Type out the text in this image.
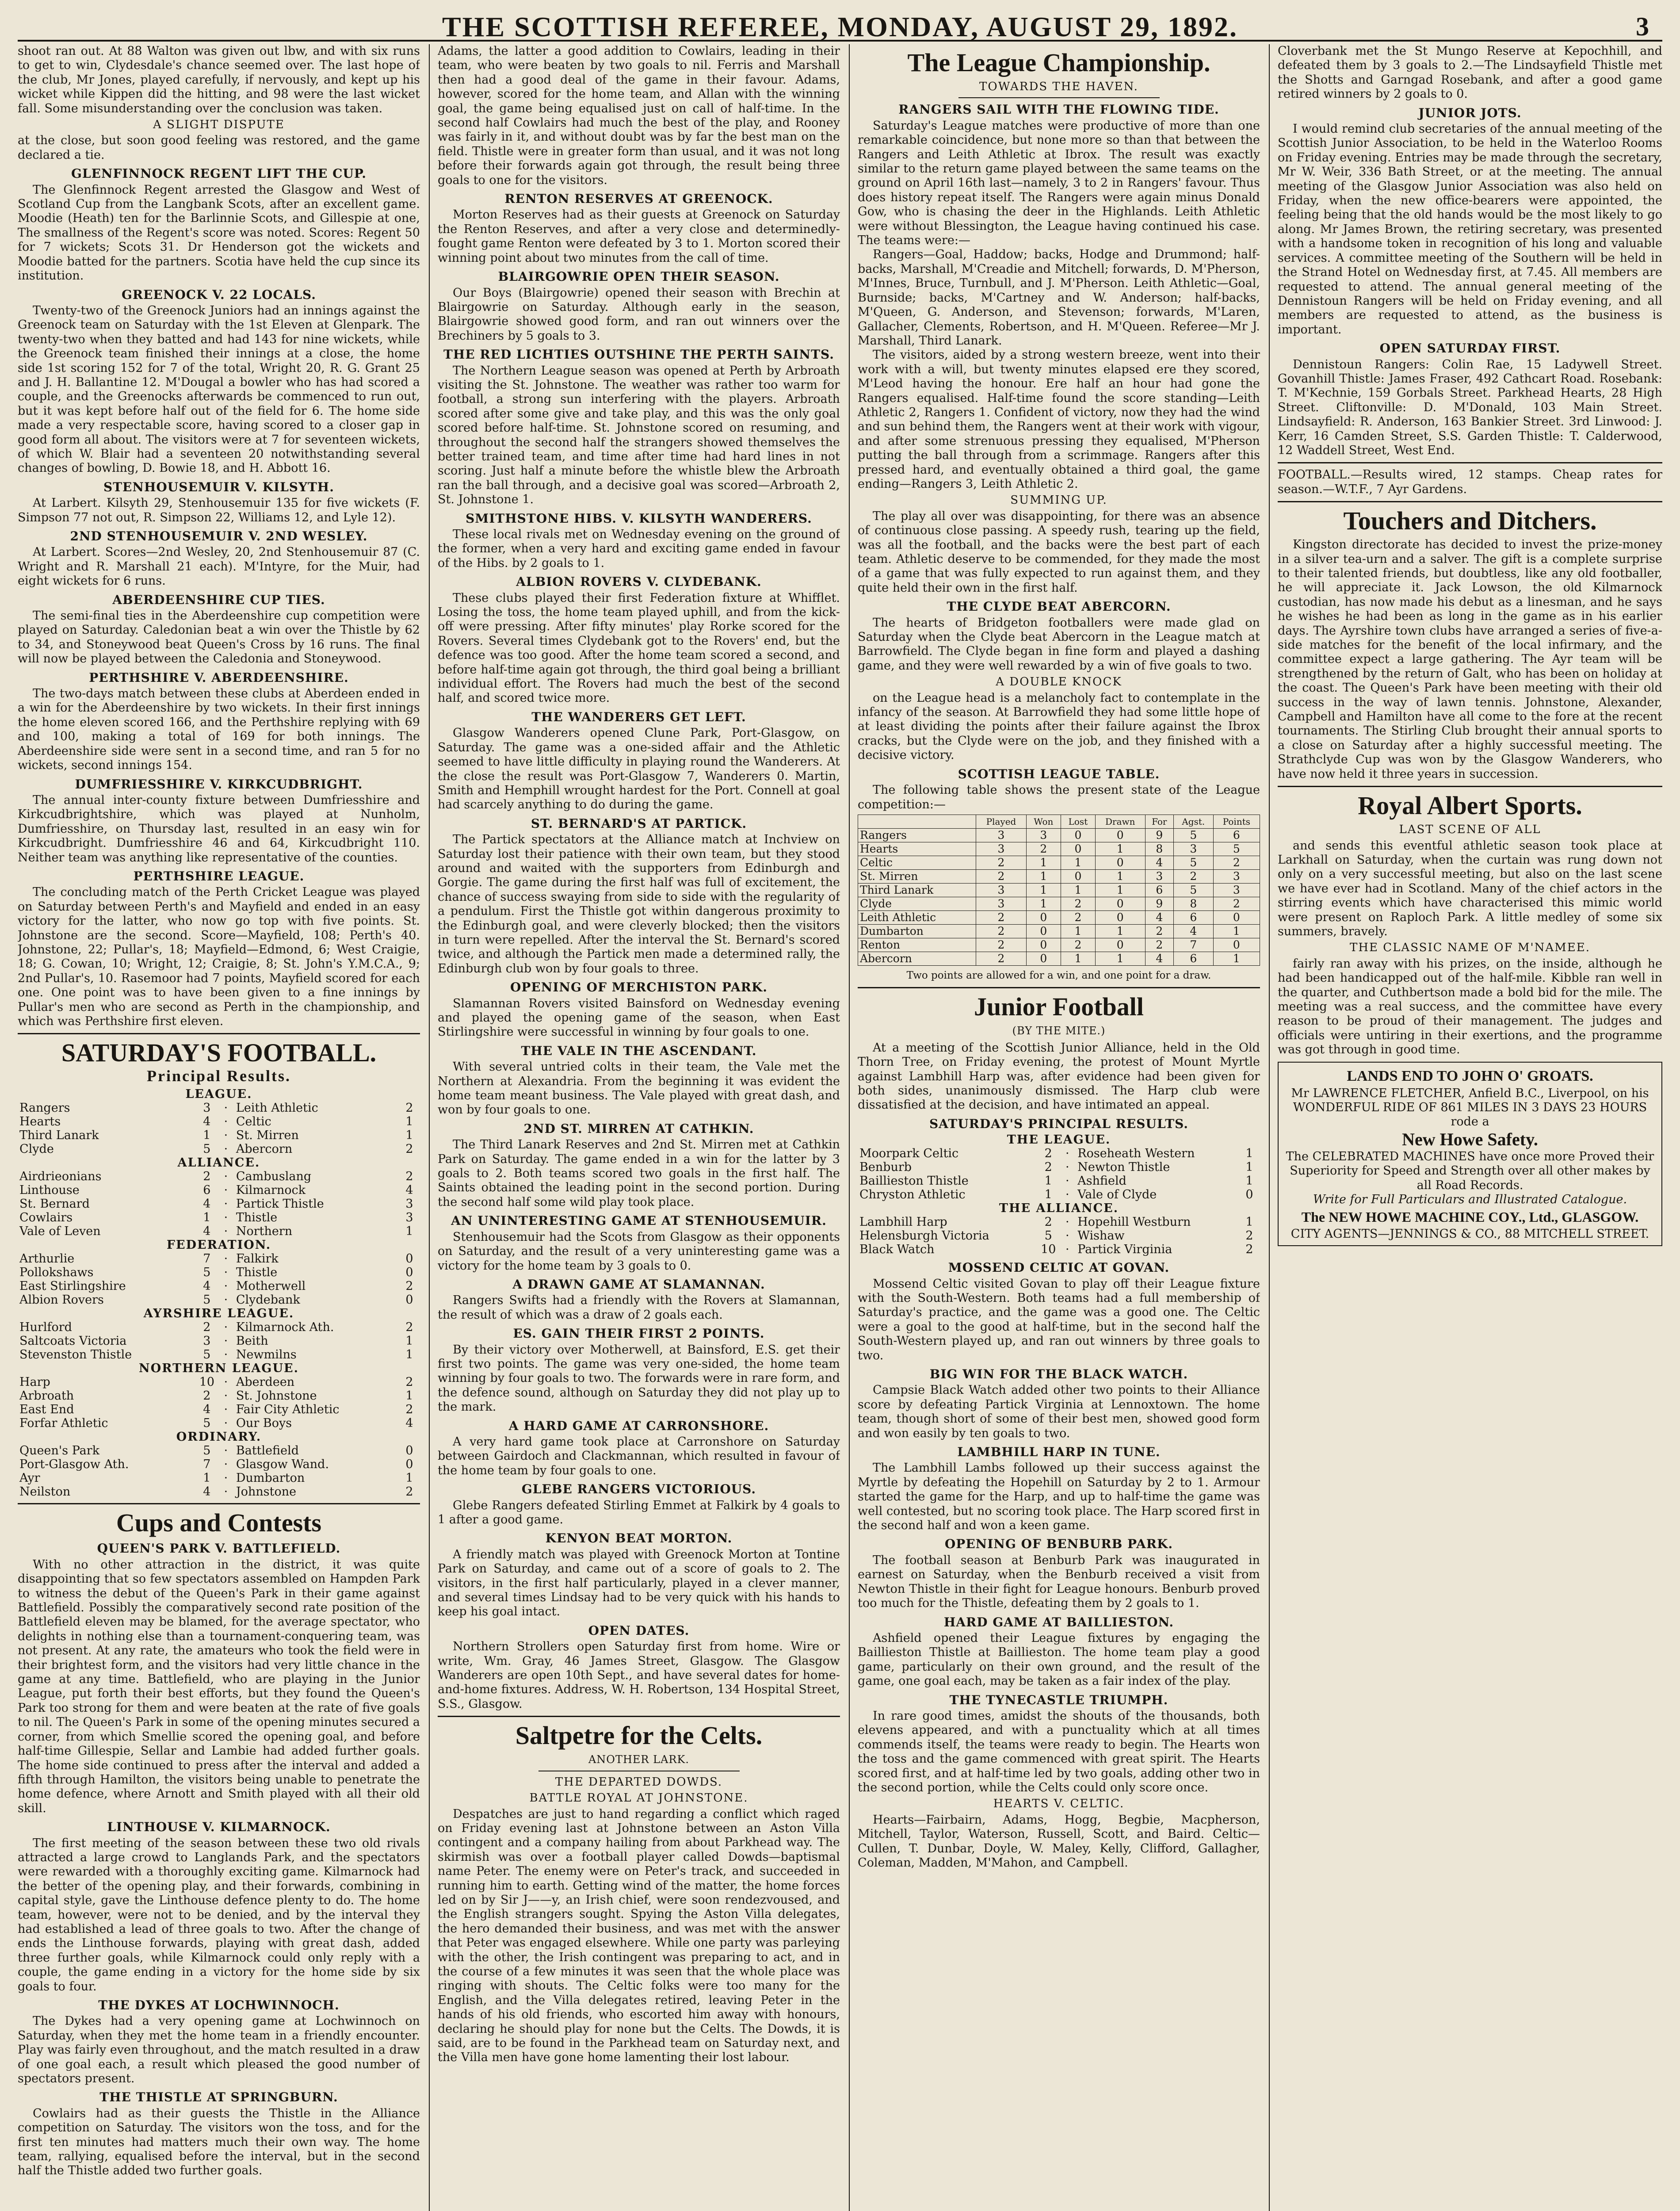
THE SCOTTISH REFEREE, MONDAY, AUGUST 29, 1892.	3

shoot ran out. At 88 Walton was given out lbw, and with six runs to get to win, Clydesdale's chance seemed over. The last hope of the club, Mr Jones, played carefully, if nervously, and kept up his wicket while Kippen did the hitting, and 98 were the last wicket fall. Some misunderstanding over the conclusion was taken.

A SLIGHT DISPUTE

at the close, but soon good feeling was restored, and the game declared a tie.

GLENFINNOCK REGENT LIFT THE CUP.

The Glenfinnock Regent arrested the Glasgow and West of Scotland Cup from the Langbank Scots, after an excellent game. Moodie (Heath) ten for the Barlinnie Scots, and Gillespie at one, The smallness of the Regent's score was noted. Scores: Regent 50 for 7 wickets; Scots 31. Dr Henderson got the wickets and Moodie batted for the partners. Scotia have held the cup since its institution.

GREENOCK V. 22 LOCALS.

Twenty-two of the Greenock Juniors had an innings against the Greenock team on Saturday with the 1st Eleven at Glenpark. The twenty-two when they batted and had 143 for nine wickets, while the Greenock team finished their innings at a close, the home side 1st scoring 152 for 7 of the total, Wright 20, R. G. Grant 25 and J. H. Ballantine 12. M'Dougal a bowler who has had scored a couple, and the Greenocks afterwards be commenced to run out, but it was kept before half out of the field for 6. The home side made a very respectable score, having scored to a closer gap in good form all about. The visitors were at 7 for seventeen wickets, of which W. Blair had a seventeen 20 notwithstanding several changes of bowling, D. Bowie 18, and H. Abbott 16.

STENHOUSEMUIR V. KILSYTH.

At Larbert. Kilsyth 29, Stenhousemuir 135 for five wickets (F. Simpson 77 not out, R. Simpson 22, Williams 12, and Lyle 12).

2ND STENHOUSEMUIR V. 2ND WESLEY.

At Larbert. Scores—2nd Wesley, 20, 2nd Stenhousemuir 87 (C. Wright and R. Marshall 21 each). M'Intyre, for the Muir, had eight wickets for 6 runs.

ABERDEENSHIRE CUP TIES.

The semi-final ties in the Aberdeenshire cup competition were played on Saturday. Caledonian beat a win over the Thistle by 62 to 34, and Stoneywood beat Queen's Cross by 16 runs. The final will now be played between the Caledonia and Stoneywood.

PERTHSHIRE V. ABERDEENSHIRE.

The two-days match between these clubs at Aberdeen ended in a win for the Aberdeenshire by two wickets. In their first innings the home eleven scored 166, and the Perthshire replying with 69 and 100, making a total of 169 for both innings. The Aberdeenshire side were sent in a second time, and ran 5 for no wickets, second innings 154.

DUMFRIESSHIRE V. KIRKCUDBRIGHT.

The annual inter-county fixture between Dumfriesshire and Kirkcudbrightshire, which was played at Nunholm, Dumfriesshire, on Thursday last, resulted in an easy win for Kirkcudbright. Dumfriesshire 46 and 64, Kirkcudbright 110. Neither team was anything like representative of the counties.

PERTHSHIRE LEAGUE.

The concluding match of the Perth Cricket League was played on Saturday between Perth's and Mayfield and ended in an easy victory for the latter, who now go top with five points. St. Johnstone are the second. Score—Mayfield, 108; Perth's 40. Johnstone, 22; Pullar's, 18; Mayfield—Edmond, 6; West Craigie, 18; G. Cowan, 10; Wright, 12; Craigie, 8; St. John's Y.M.C.A., 9; 2nd Pullar's, 10. Rasemoor had 7 points, Mayfield scored for each one. One point was to have been given to a fine innings by Pullar's men who are second as Perth in the championship, and which was Perthshire first eleven.

SATURDAY'S FOOTBALL.
Principal Results.
LEAGUE.				
Rangers	3	·	Leith Athletic	2
Hearts	4	·	Celtic	1
Third Lanark	1	·	St. Mirren	1
Clyde	5	·	Abercorn	2
ALLIANCE.				
Airdrieonians	2	·	Cambuslang	2
Linthouse	6	·	Kilmarnock	4
St. Bernard	4	·	Partick Thistle	3
Cowlairs	1	·	Thistle	3
Vale of Leven	4	·	Northern	1
FEDERATION.				
Arthurlie	7	·	Falkirk	0
Pollokshaws	5	·	Thistle	0
East Stirlingshire	4	·	Motherwell	2
Albion Rovers	5	·	Clydebank	0
AYRSHIRE LEAGUE.				
Hurlford	2	·	Kilmarnock Ath.	2
Saltcoats Victoria	3	·	Beith	1
Stevenston Thistle	5	·	Newmilns	1
NORTHERN LEAGUE.				
Harp	10	·	Aberdeen	2
Arbroath	2	·	St. Johnstone	1
East End	4	·	Fair City Athletic	2
Forfar Athletic	5	·	Our Boys	4
ORDINARY.				
Queen's Park	5	·	Battlefield	0
Port-Glasgow Ath.	7	·	Glasgow Wand.	0
Ayr	1	·	Dumbarton	1
Neilston	4	·	Johnstone	2
Cups and Contests
QUEEN'S PARK V. BATTLEFIELD.

With no other attraction in the district, it was quite disappointing that so few spectators assembled on Hampden Park to witness the debut of the Queen's Park in their game against Battlefield. Possibly the comparatively second rate position of the Battlefield eleven may be blamed, for the average spectator, who delights in nothing else than a tournament-conquering team, was not present. At any rate, the amateurs who took the field were in their brightest form, and the visitors had very little chance in the game at any time. Battlefield, who are playing in the Junior League, put forth their best efforts, but they found the Queen's Park too strong for them and were beaten at the rate of five goals to nil. The Queen's Park in some of the opening minutes secured a corner, from which Smellie scored the opening goal, and before half-time Gillespie, Sellar and Lambie had added further goals. The home side continued to press after the interval and added a fifth through Hamilton, the visitors being unable to penetrate the home defence, where Arnott and Smith played with all their old skill.

LINTHOUSE V. KILMARNOCK.

The first meeting of the season between these two old rivals attracted a large crowd to Langlands Park, and the spectators were rewarded with a thoroughly exciting game. Kilmarnock had the better of the opening play, and their forwards, combining in capital style, gave the Linthouse defence plenty to do. The home team, however, were not to be denied, and by the interval they had established a lead of three goals to two. After the change of ends the Linthouse forwards, playing with great dash, added three further goals, while Kilmarnock could only reply with a couple, the game ending in a victory for the home side by six goals to four.

THE DYKES AT LOCHWINNOCH.

The Dykes had a very opening game at Lochwinnoch on Saturday, when they met the home team in a friendly encounter. Play was fairly even throughout, and the match resulted in a draw of one goal each, a result which pleased the good number of spectators present.

THE THISTLE AT SPRINGBURN.

Cowlairs had as their guests the Thistle in the Alliance competition on Saturday. The visitors won the toss, and for the first ten minutes had matters much their own way. The home team, rallying, equalised before the interval, but in the second half the Thistle added two further goals.

Adams, the latter a good addition to Cowlairs, leading in their team, who were beaten by two goals to nil. Ferris and Marshall then had a good deal of the game in their favour. Adams, however, scored for the home team, and Allan with the winning goal, the game being equalised just on call of half-time. In the second half Cowlairs had much the best of the play, and Rooney was fairly in it, and without doubt was by far the best man on the field. Thistle were in greater form than usual, and it was not long before their forwards again got through, the result being three goals to one for the visitors.

RENTON RESERVES AT GREENOCK.

Morton Reserves had as their guests at Greenock on Saturday the Renton Reserves, and after a very close and determinedly-fought game Renton were defeated by 3 to 1. Morton scored their winning point about two minutes from the call of time.

BLAIRGOWRIE OPEN THEIR SEASON.

Our Boys (Blairgowrie) opened their season with Brechin at Blairgowrie on Saturday. Although early in the season, Blairgowrie showed good form, and ran out winners over the Brechiners by 5 goals to 3.

THE RED LICHTIES OUTSHINE THE PERTH SAINTS.

The Northern League season was opened at Perth by Arbroath visiting the St. Johnstone. The weather was rather too warm for football, a strong sun interfering with the players. Arbroath scored after some give and take play, and this was the only goal scored before half-time. St. Johnstone scored on resuming, and throughout the second half the strangers showed themselves the better trained team, and time after time had hard lines in not scoring. Just half a minute before the whistle blew the Arbroath ran the ball through, and a decisive goal was scored—Arbroath 2, St. Johnstone 1.

SMITHSTONE HIBS. V. KILSYTH WANDERERS.

These local rivals met on Wednesday evening on the ground of the former, when a very hard and exciting game ended in favour of the Hibs. by 2 goals to 1.

ALBION ROVERS V. CLYDEBANK.

These clubs played their first Federation fixture at Whifflet. Losing the toss, the home team played uphill, and from the kick-off were pressing. After fifty minutes' play Rorke scored for the Rovers. Several times Clydebank got to the Rovers' end, but the defence was too good. After the home team scored a second, and before half-time again got through, the third goal being a brilliant individual effort. The Rovers had much the best of the second half, and scored twice more.

THE WANDERERS GET LEFT.

Glasgow Wanderers opened Clune Park, Port-Glasgow, on Saturday. The game was a one-sided affair and the Athletic seemed to have little difficulty in playing round the Wanderers. At the close the result was Port-Glasgow 7, Wanderers 0. Martin, Smith and Hemphill wrought hardest for the Port. Connell at goal had scarcely anything to do during the game.

ST. BERNARD'S AT PARTICK.

The Partick spectators at the Alliance match at Inchview on Saturday lost their patience with their own team, but they stood around and waited with the supporters from Edinburgh and Gorgie. The game during the first half was full of excitement, the chance of success swaying from side to side with the regularity of a pendulum. First the Thistle got within dangerous proximity to the Edinburgh goal, and were cleverly blocked; then the visitors in turn were repelled. After the interval the St. Bernard's scored twice, and although the Partick men made a determined rally, the Edinburgh club won by four goals to three.

OPENING OF MERCHISTON PARK.

Slamannan Rovers visited Bainsford on Wednesday evening and played the opening game of the season, when East Stirlingshire were successful in winning by four goals to one.

THE VALE IN THE ASCENDANT.

With several untried colts in their team, the Vale met the Northern at Alexandria. From the beginning it was evident the home team meant business. The Vale played with great dash, and won by four goals to one.

2ND ST. MIRREN AT CATHKIN.

The Third Lanark Reserves and 2nd St. Mirren met at Cathkin Park on Saturday. The game ended in a win for the latter by 3 goals to 2. Both teams scored two goals in the first half. The Saints obtained the leading point in the second portion. During the second half some wild play took place.

AN UNINTERESTING GAME AT STENHOUSEMUIR.

Stenhousemuir had the Scots from Glasgow as their opponents on Saturday, and the result of a very uninteresting game was a victory for the home team by 3 goals to 0.

A DRAWN GAME AT SLAMANNAN.

Rangers Swifts had a friendly with the Rovers at Slamannan, the result of which was a draw of 2 goals each.

ES. GAIN THEIR FIRST 2 POINTS.

By their victory over Motherwell, at Bainsford, E.S. get their first two points. The game was very one-sided, the home team winning by four goals to two. The forwards were in rare form, and the defence sound, although on Saturday they did not play up to the mark.

A HARD GAME AT CARRONSHORE.

A very hard game took place at Carronshore on Saturday between Gairdoch and Clackmannan, which resulted in favour of the home team by four goals to one.

GLEBE RANGERS VICTORIOUS.

Glebe Rangers defeated Stirling Emmet at Falkirk by 4 goals to 1 after a good game.

KENYON BEAT MORTON.

A friendly match was played with Greenock Morton at Tontine Park on Saturday, and came out of a score of goals to 2. The visitors, in the first half particularly, played in a clever manner, and several times Lindsay had to be very quick with his hands to keep his goal intact.

OPEN DATES.

Northern Strollers open Saturday first from home. Wire or write, Wm. Gray, 46 James Street, Glasgow. The Glasgow Wanderers are open 10th Sept., and have several dates for home-and-home fixtures. Address, W. H. Robertson, 134 Hospital Street, S.S., Glasgow.

Saltpetre for the Celts.
ANOTHER LARK.
THE DEPARTED DOWDS.
BATTLE ROYAL AT JOHNSTONE.

Despatches are just to hand regarding a conflict which raged on Friday evening last at Johnstone between an Aston Villa contingent and a company hailing from about Parkhead way. The skirmish was over a football player called Dowds—baptismal name Peter. The enemy were on Peter's track, and succeeded in running him to earth. Getting wind of the matter, the home forces led on by Sir J——y, an Irish chief, were soon rendezvoused, and the English strangers sought. Spying the Aston Villa delegates, the hero demanded their business, and was met with the answer that Peter was engaged elsewhere. While one party was parleying with the other, the Irish contingent was preparing to act, and in the course of a few minutes it was seen that the whole place was ringing with shouts. The Celtic folks were too many for the English, and the Villa delegates retired, leaving Peter in the hands of his old friends, who escorted him away with honours, declaring he should play for none but the Celts. The Dowds, it is said, are to be found in the Parkhead team on Saturday next, and the Villa men have gone home lamenting their lost labour.

The League Championship.
TOWARDS THE HAVEN.
RANGERS SAIL WITH THE FLOWING TIDE.

Saturday's League matches were productive of more than one remarkable coincidence, but none more so than that between the Rangers and Leith Athletic at Ibrox. The result was exactly similar to the return game played between the same teams on the ground on April 16th last—namely, 3 to 2 in Rangers' favour. Thus does history repeat itself. The Rangers were again minus Donald Gow, who is chasing the deer in the Highlands. Leith Athletic were without Blessington, the League having continued his case. The teams were:—

Rangers—Goal, Haddow; backs, Hodge and Drummond; half-backs, Marshall, M'Creadie and Mitchell; forwards, D. M'Pherson, M'Innes, Bruce, Turnbull, and J. M'Pherson. Leith Athletic—Goal, Burnside; backs, M'Cartney and W. Anderson; half-backs, M'Queen, G. Anderson, and Stevenson; forwards, M'Laren, Gallacher, Clements, Robertson, and H. M'Queen. Referee—Mr J. Marshall, Third Lanark.

The visitors, aided by a strong western breeze, went into their work with a will, but twenty minutes elapsed ere they scored, M'Leod having the honour. Ere half an hour had gone the Rangers equalised. Half-time found the score standing—Leith Athletic 2, Rangers 1. Confident of victory, now they had the wind and sun behind them, the Rangers went at their work with vigour, and after some strenuous pressing they equalised, M'Pherson putting the ball through from a scrimmage. Rangers after this pressed hard, and eventually obtained a third goal, the game ending—Rangers 3, Leith Athletic 2.

SUMMING UP.

The play all over was disappointing, for there was an absence of continuous close passing. A speedy rush, tearing up the field, was all the football, and the backs were the best part of each team. Athletic deserve to be commended, for they made the most of a game that was fully expected to run against them, and they quite held their own in the first half.

THE CLYDE BEAT ABERCORN.

The hearts of Bridgeton footballers were made glad on Saturday when the Clyde beat Abercorn in the League match at Barrowfield. The Clyde began in fine form and played a dashing game, and they were well rewarded by a win of five goals to two.

A DOUBLE KNOCK

on the League head is a melancholy fact to contemplate in the infancy of the season. At Barrowfield they had some little hope of at least dividing the points after their failure against the Ibrox cracks, but the Clyde were on the job, and they finished with a decisive victory.

SCOTTISH LEAGUE TABLE.

The following table shows the present state of the League competition:—

	Played	Won	Lost	Drawn	For	Agst.	Points
Rangers	3	3	0	0	9	5	6
Hearts	3	2	0	1	8	3	5
Celtic	2	1	1	0	4	5	2
St. Mirren	2	1	0	1	3	2	3
Third Lanark	3	1	1	1	6	5	3
Clyde	3	1	2	0	9	8	2
Leith Athletic	2	0	2	0	4	6	0
Dumbarton	2	0	1	1	2	4	1
Renton	2	0	2	0	2	7	0
Abercorn	2	0	1	1	4	6	1

Two points are allowed for a win, and one point for a draw.

Junior Football
(BY THE MITE.)

At a meeting of the Scottish Junior Alliance, held in the Old Thorn Tree, on Friday evening, the protest of Mount Myrtle against Lambhill Harp was, after evidence had been given for both sides, unanimously dismissed. The Harp club were dissatisfied at the decision, and have intimated an appeal.

SATURDAY'S PRINCIPAL RESULTS.
THE LEAGUE.				
Moorpark Celtic	2	·	Roseheath Western	1
Benburb	2	·	Newton Thistle	1
Baillieston Thistle	1	·	Ashfield	1
Chryston Athletic	1	·	Vale of Clyde	0
THE ALLIANCE.				
Lambhill Harp	2	·	Hopehill Westburn	1
Helensburgh Victoria	5	·	Wishaw	2
Black Watch	10	·	Partick Virginia	2
MOSSEND CELTIC AT GOVAN.

Mossend Celtic visited Govan to play off their League fixture with the South-Western. Both teams had a full membership of Saturday's practice, and the game was a good one. The Celtic were a goal to the good at half-time, but in the second half the South-Western played up, and ran out winners by three goals to two.

BIG WIN FOR THE BLACK WATCH.

Campsie Black Watch added other two points to their Alliance score by defeating Partick Virginia at Lennoxtown. The home team, though short of some of their best men, showed good form and won easily by ten goals to two.

LAMBHILL HARP IN TUNE.

The Lambhill Lambs followed up their success against the Myrtle by defeating the Hopehill on Saturday by 2 to 1. Armour started the game for the Harp, and up to half-time the game was well contested, but no scoring took place. The Harp scored first in the second half and won a keen game.

OPENING OF BENBURB PARK.

The football season at Benburb Park was inaugurated in earnest on Saturday, when the Benburb received a visit from Newton Thistle in their fight for League honours. Benburb proved too much for the Thistle, defeating them by 2 goals to 1.

HARD GAME AT BAILLIESTON.

Ashfield opened their League fixtures by engaging the Baillieston Thistle at Baillieston. The home team play a good game, particularly on their own ground, and the result of the game, one goal each, may be taken as a fair index of the play.

THE TYNECASTLE TRIUMPH.

In rare good times, amidst the shouts of the thousands, both elevens appeared, and with a punctuality which at all times commends itself, the teams were ready to begin. The Hearts won the toss and the game commenced with great spirit. The Hearts scored first, and at half-time led by two goals, adding other two in the second portion, while the Celts could only score once.

HEARTS V. CELTIC.

Hearts—Fairbairn, Adams, Hogg, Begbie, Macpherson, Mitchell, Taylor, Waterson, Russell, Scott, and Baird. Celtic—Cullen, T. Dunbar, Doyle, W. Maley, Kelly, Clifford, Gallagher, Coleman, Madden, M'Mahon, and Campbell.

Cloverbank met the St Mungo Reserve at Kepochhill, and defeated them by 3 goals to 2.—The Lindsayfield Thistle met the Shotts and Garngad Rosebank, and after a good game retired winners by 2 goals to 0.

JUNIOR JOTS.

I would remind club secretaries of the annual meeting of the Scottish Junior Association, to be held in the Waterloo Rooms on Friday evening. Entries may be made through the secretary, Mr W. Weir, 336 Bath Street, or at the meeting. The annual meeting of the Glasgow Junior Association was also held on Friday, when the new office-bearers were appointed, the feeling being that the old hands would be the most likely to go along. Mr James Brown, the retiring secretary, was presented with a handsome token in recognition of his long and valuable services. A committee meeting of the Southern will be held in the Strand Hotel on Wednesday first, at 7.45. All members are requested to attend. The annual general meeting of the Dennistoun Rangers will be held on Friday evening, and all members are requested to attend, as the business is important.

OPEN SATURDAY FIRST.

Dennistoun Rangers: Colin Rae, 15 Ladywell Street. Govanhill Thistle: James Fraser, 492 Cathcart Road. Rosebank: T. M'Kechnie, 159 Gorbals Street. Parkhead Hearts, 28 High Street. Cliftonville: D. M'Donald, 103 Main Street. Lindsayfield: R. Anderson, 163 Bankier Street. 3rd Linwood: J. Kerr, 16 Camden Street, S.S. Garden Thistle: T. Calderwood, 12 Waddell Street, West End.

FOOTBALL.—Results wired, 12 stamps. Cheap rates for season.—W.T.F., 7 Ayr Gardens.

Touchers and Ditchers.

Kingston directorate has decided to invest the prize-money in a silver tea-urn and a salver. The gift is a complete surprise to their talented friends, but doubtless, like any old footballer, he will appreciate it. Jack Lowson, the old Kilmarnock custodian, has now made his debut as a linesman, and he says he wishes he had been as long in the game as in his earlier days. The Ayrshire town clubs have arranged a series of five-a-side matches for the benefit of the local infirmary, and the committee expect a large gathering. The Ayr team will be strengthened by the return of Galt, who has been on holiday at the coast. The Queen's Park have been meeting with their old success in the way of lawn tennis. Johnstone, Alexander, Campbell and Hamilton have all come to the fore at the recent tournaments. The Stirling Club brought their annual sports to a close on Saturday after a highly successful meeting. The Strathclyde Cup was won by the Glasgow Wanderers, who have now held it three years in succession.

Royal Albert Sports.
LAST SCENE OF ALL

and sends this eventful athletic season took place at Larkhall on Saturday, when the curtain was rung down not only on a very successful meeting, but also on the last scene we have ever had in Scotland. Many of the chief actors in the stirring events which have characterised this mimic world were present on Raploch Park. A little medley of some six summers, bravely.

THE CLASSIC NAME OF M'NAMEE.

fairly ran away with his prizes, on the inside, although he had been handicapped out of the half-mile. Kibble ran well in the quarter, and Cuthbertson made a bold bid for the mile. The meeting was a real success, and the committee have every reason to be proud of their management. The judges and officials were untiring in their exertions, and the programme was got through in good time.

LANDS END TO JOHN O' GROATS.

Mr LAWRENCE FLETCHER, Anfield B.C., Liverpool, on his WONDERFUL RIDE OF 861 MILES IN 3 DAYS 23 HOURS rode a

New Howe Safety.

The CELEBRATED MACHINES have once more Proved their Superiority for Speed and Strength over all other makes by all Road Records.

Write for Full Particulars and Illustrated Catalogue.

The NEW HOWE MACHINE COY., Ltd., GLASGOW.

CITY AGENTS—JENNINGS & CO., 88 MITCHELL STREET.
